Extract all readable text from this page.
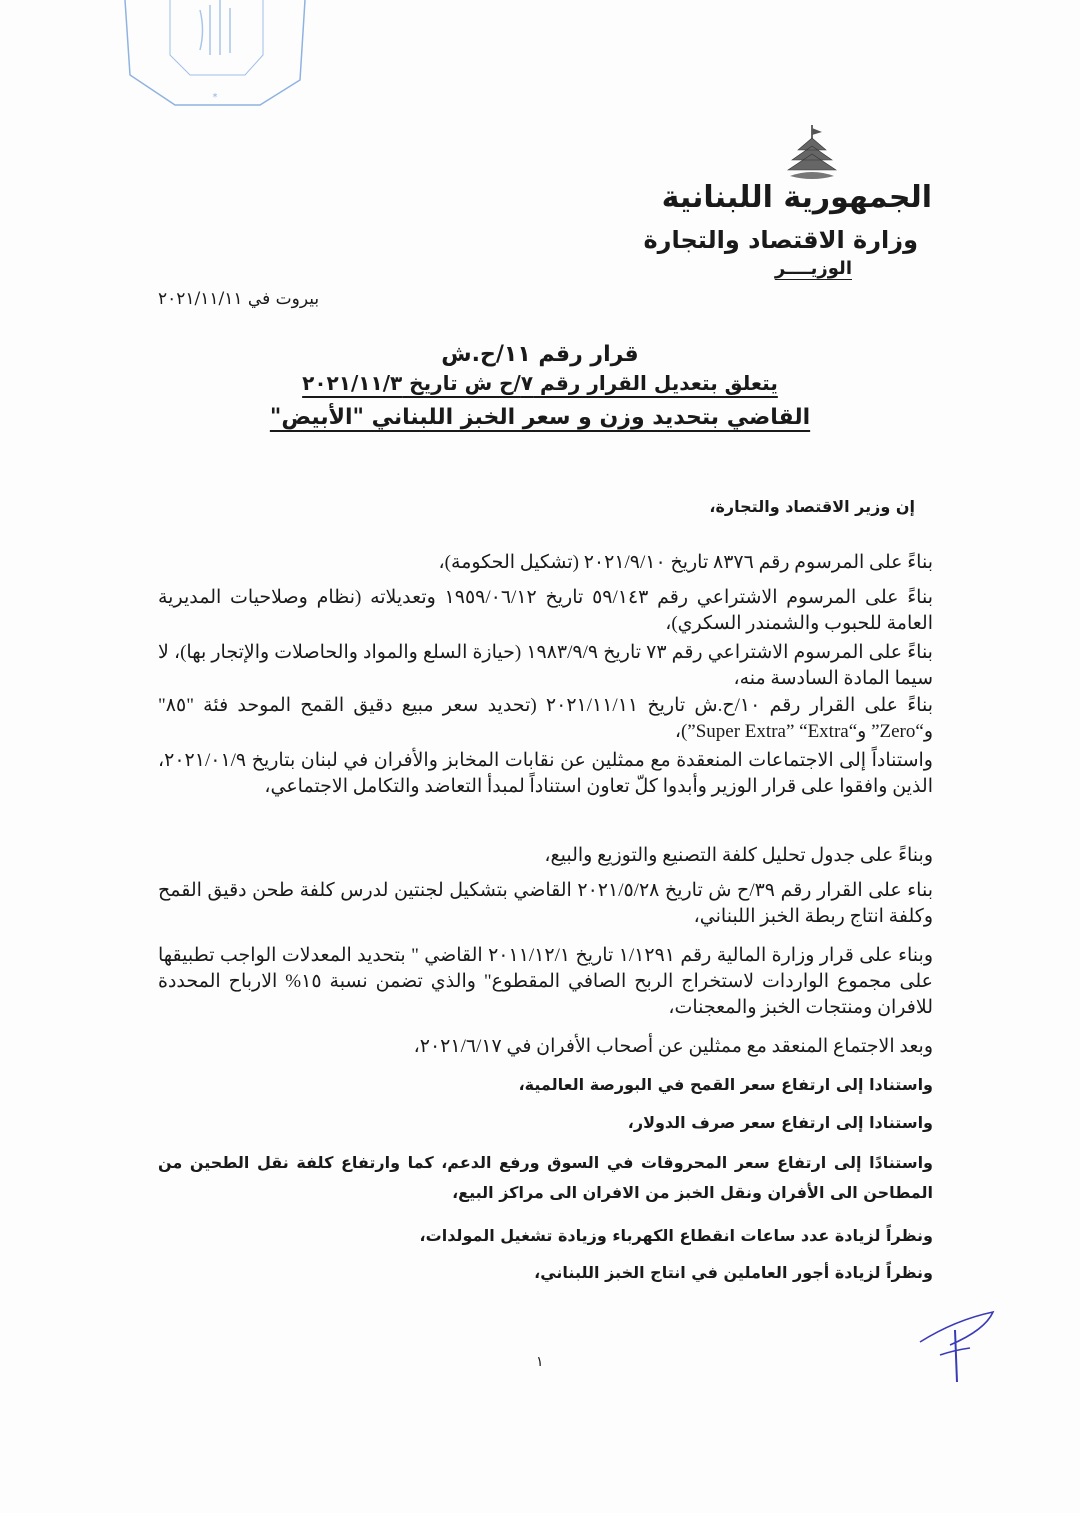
*
الجمهورية اللبنانية
وزارة الاقتصاد والتجارة
الوزيــــر
بيروت في ٢٠٢١/١١/١١
قرار رقم ١١/ح.ش
يتعلق بتعديل القرار رقم ٧/ح ش تاريخ ٢٠٢١/١١/٣
القاضي بتحديد وزن و سعر الخبز اللبناني "الأبيض"
إن وزير الاقتصاد والتجارة،
بناءً على المرسوم رقم ٨٣٧٦ تاريخ ٢٠٢١/٩/١٠ (تشكيل الحكومة)،
بناءً على المرسوم الاشتراعي رقم ٥٩/١٤٣ تاريخ ١٩٥٩/٠٦/١٢ وتعديلاته (نظام وصلاحيات المديرية العامة للحبوب والشمندر السكري)،
بناءً على المرسوم الاشتراعي رقم ٧٣ تاريخ ١٩٨٣/٩/٩ (حيازة السلع والمواد والحاصلات والإتجار بها)، لا سيما المادة السادسة منه،
بناءً على القرار رقم ١٠/ح.ش تاريخ ٢٠٢١/١١/١١ (تحديد سعر مبيع دقيق القمح الموحد فئة "٨٥" و“Zero” و“Super Extra” “Extra”)،
واستناداً إلى الاجتماعات المنعقدة مع ممثلين عن نقابات المخابز والأفران في لبنان بتاريخ ٢٠٢١/٠١/٩، الذين وافقوا على قرار الوزير وأبدوا كلّ تعاون استناداً لمبدأ التعاضد والتكامل الاجتماعي،
وبناءً على جدول تحليل كلفة التصنيع والتوزيع والبيع،
بناء على القرار رقم ٣٩/ح ش تاريخ ٢٠٢١/٥/٢٨ القاضي بتشكيل لجنتين لدرس كلفة طحن دقيق القمح وكلفة انتاج ربطة الخبز اللبناني،
وبناء على قرار وزارة المالية رقم ١/١٢٩١ تاريخ ٢٠١١/١٢/١ القاضي " بتحديد المعدلات الواجب تطبيقها على مجموع الواردات لاستخراج الربح الصافي المقطوع" والذي تضمن نسبة ١٥% الارباح المحددة للافران ومنتجات الخبز والمعجنات،
وبعد الاجتماع المنعقد مع ممثلين عن أصحاب الأفران في ٢٠٢١/٦/١٧،
واستنادا إلى ارتفاع سعر القمح في البورصة العالمية،
واستنادا إلى ارتفاع سعر صرف الدولار،
واستنادًا إلى ارتفاع سعر المحروقات في السوق ورفع الدعم، كما وارتفاع كلفة نقل الطحين من المطاحن الى الأفران ونقل الخبز من الافران الى مراكز البيع،
ونظراً لزيادة عدد ساعات انقطاع الكهرباء وزيادة تشغيل المولدات،
ونظراً لزيادة أجور العاملين في انتاج الخبز اللبناني،
١
